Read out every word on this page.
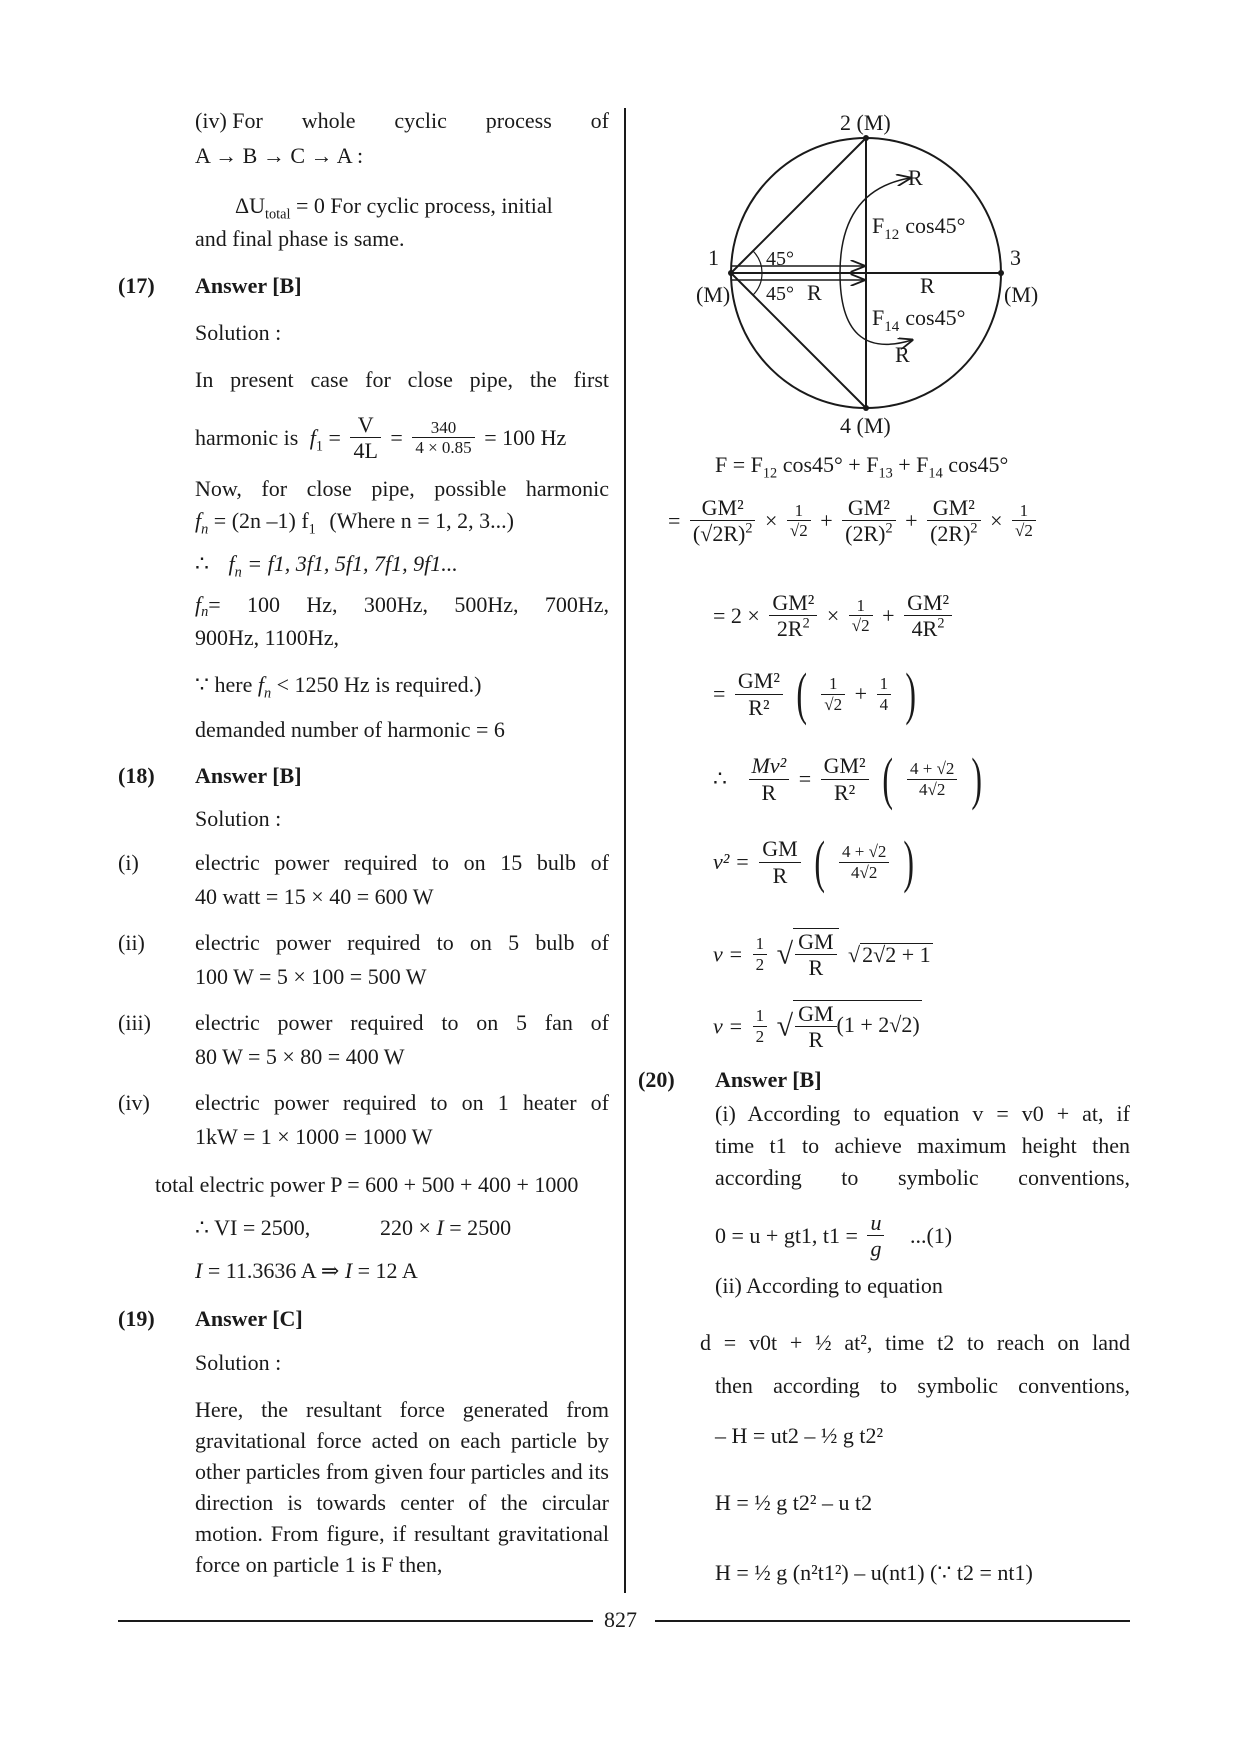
(iv) For whole cyclic process of
A → B → C → A :
$\Delta U_{total} = 0$ For cyclic process, initial
and final phase is same.
(17) Answer [B]
Solution :
In present case for close pipe, the first
harmonic is $f_1 = \frac{V}{4L} = \frac{340}{4 \times 0.85} = 100$ Hz
Now, for close pipe, possible harmonic
$f_n = (2n$ –1) $f_1$ (Where n = 1, 2, 3...)
∴ $f_n = f1$, 3f1, 5f1, 7f1, 9f1...
f n =  100  Hz,  300Hz,  500Hz,  700Hz,
900Hz, 1100Hz,
∵ here $f_n < 1250$ Hz is required.)
demanded number of harmonic = 6
(18) Answer [B]
Solution :
(i)	electric power required to on 15 bulb of
40 watt = 15 × 40 = 600 W
(ii) electric power required to on 5 bulb of
100 W = 5 × 100 = 500 W
(iii) electric power required to on 5 fan of
80 W = 5 × 80 = 400 W
(iv) electric power required to on 1 heater of
1kW = 1 × 1000 = 1000 W
total electric power P = 600 + 500 + 400 + 1000
∴ VI = 2500,	220 × I = 2500
I = 11.3636 A ⇒ I = 12 A
(19) Answer [C]
Solution :
Here, the resultant force generated from gravitational force acted on each particle by other particles from given four particles and its direction is towards center of the circular motion. From figure, if resultant gravitational force on particle 1 is F then,
2 (M)
4 (M)
1
(M)
3
(M)
45°
45° R	R
R
R
$F_{12}$ cos45°
$F_{14}$ cos45°
$F = F_{12}$ $\cos 45^\circ + F_{13} + F_{14}$ cos45°
= $\frac{\text{GM²}}{(√2R)^2} \times \frac{1}{√2} + \frac{\text{GM²}}{(2R)^2} + \frac{\text{GM²}}{(2R)^2} \times \frac{1}{√2}$
= $2 \times \frac{\text{GM²}}{2R^2} \times \frac{1}{√2} + \frac{\text{GM²}}{4R^2}$
= $\frac{\text{GM²}}{\text{R²}}$ ( $\frac{1}{√2} + \frac{1}{4}$ )
∴ $\frac{\text{Mv²}}{R} = \frac{\text{GM²}}{\text{R²}}$ ( $\frac{4 + √2}{4√2}$ )
$v^2 = \frac{GM}{R}$ ( $\frac{4 + √2}{4√2}$ )
$v = \frac{1}{2}$ √ $\frac{GM}{R} √2√2 + 1$
$v = \frac{1}{2}$ √ $\frac{GM}{R} (1 + 2√2)$
(20) Answer [B]
(i) According to equation v = v0 + at, if
time t1 to achieve maximum height then
according to symbolic conventions,
0 = u + gt1, $t1 = \frac{u}{g} ...(1)$
(ii) According to equation
d = v0t + ½ at², time t2 to reach on land
then according to symbolic conventions,
– H = ut2 – ½ g t2²
H = ½ g t2² – u t2
H = ½ g (n²t1²) – u(nt1) (∵ t2 = nt1)
827
